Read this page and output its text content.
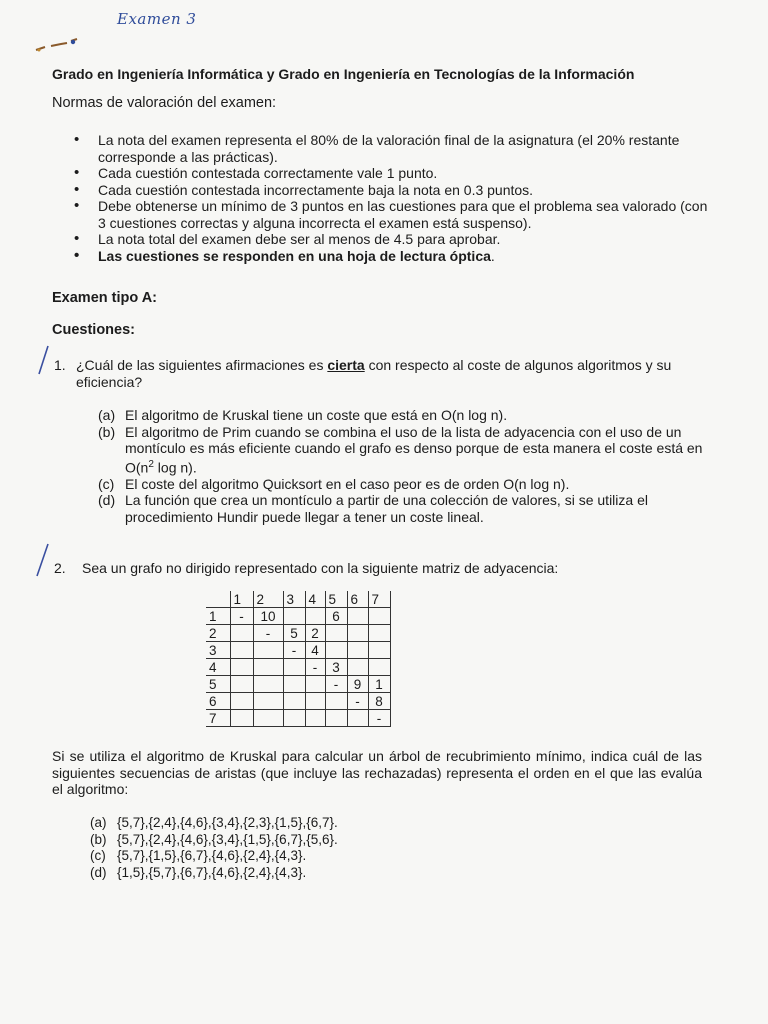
Examen 3
Grado en Ingeniería Informática y Grado en Ingeniería en Tecnologías de la Información
Normas de valoración del examen:
• La nota del examen representa el 80% de la valoración final de la asignatura (el 20% restante corresponde a las prácticas).
• Cada cuestión contestada correctamente vale 1 punto.
• Cada cuestión contestada incorrectamente baja la nota en 0.3 puntos.
• Debe obtenerse un mínimo de 3 puntos en las cuestiones para que el problema sea valorado (con 3 cuestiones correctas y alguna incorrecta el examen está suspenso).
• La nota total del examen debe ser al menos de 4.5 para aprobar.
• Las cuestiones se responden en una hoja de lectura óptica.
Examen tipo A:
Cuestiones:
1. ¿Cuál de las siguientes afirmaciones es cierta con respecto al coste de algunos algoritmos y su eficiencia?
(a) El algoritmo de Kruskal tiene un coste que está en O(n log n).
(b) El algoritmo de Prim cuando se combina el uso de la lista de adyacencia con el uso de un montículo es más eficiente cuando el grafo es denso porque de esta manera el coste está en $O(n^2$ log n).
(c) El coste del algoritmo Quicksort en el caso peor es de orden O(n log n).
(d) La función que crea un montículo a partir de una colección de valores, si se utiliza el procedimiento Hundir puede llegar a tener un coste lineal.
2. Sea un grafo no dirigido representado con la siguiente matriz de adyacencia:
	1	2	3	4	5	6	7
1	-	10			6		
2		-	5	2			
3			-	4			
4				-	3		
5					-	9	1
6						-	8
7							-
Si se utiliza el algoritmo de Kruskal para calcular un árbol de recubrimiento mínimo, indica cuál de las siguientes secuencias de aristas (que incluye las rechazadas) representa el orden en el que las evalúa el algoritmo:
(a) {5,7},{2,4},{4,6},{3,4},{2,3},{1,5},{6,7}.
(b) {5,7},{2,4},{4,6},{3,4},{1,5},{6,7},{5,6}.
(c) {5,7},{1,5},{6,7},{4,6},{2,4},{4,3}.
(d) {1,5},{5,7},{6,7},{4,6},{2,4},{4,3}.
